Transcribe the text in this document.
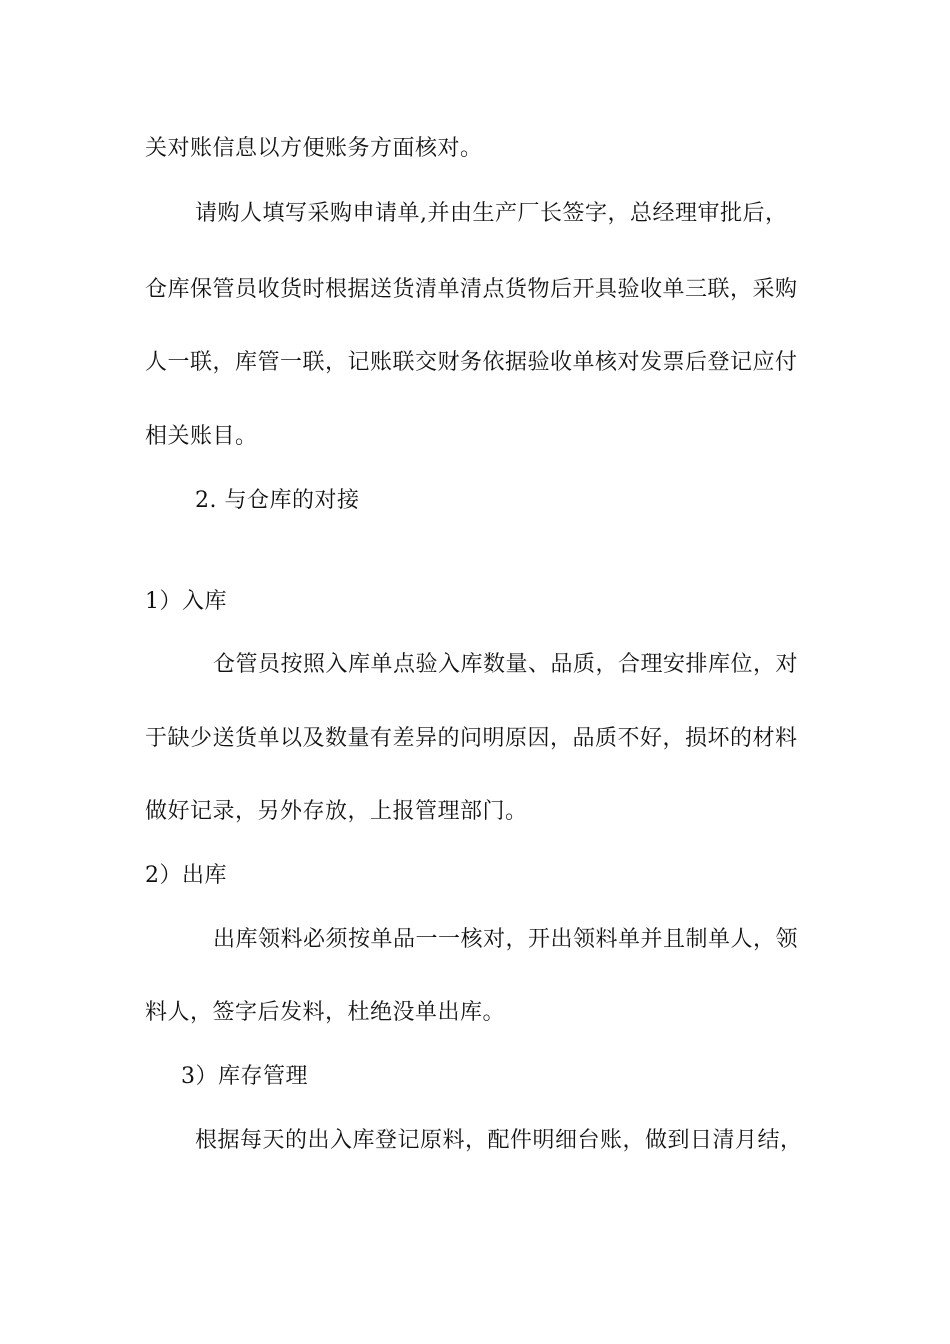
关对账信息以方便账务方面核对。
请购人填写采购申请单,并由生产厂长签字，总经理审批后，
仓库保管员收货时根据送货清单清点货物后开具验收单三联，采购
人一联，库管一联，记账联交财务依据验收单核对发票后登记应付
相关账目。
2. 与仓库的对接
1）入库
仓管员按照入库单点验入库数量、品质，合理安排库位，对
于缺少送货单以及数量有差异的问明原因，品质不好，损坏的材料
做好记录，另外存放，上报管理部门。
2）出库
出库领料必须按单品一一核对，开出领料单并且制单人，领
料人，签字后发料，杜绝没单出库。
3）库存管理
根据每天的出入库登记原料，配件明细台账，做到日清月结，
